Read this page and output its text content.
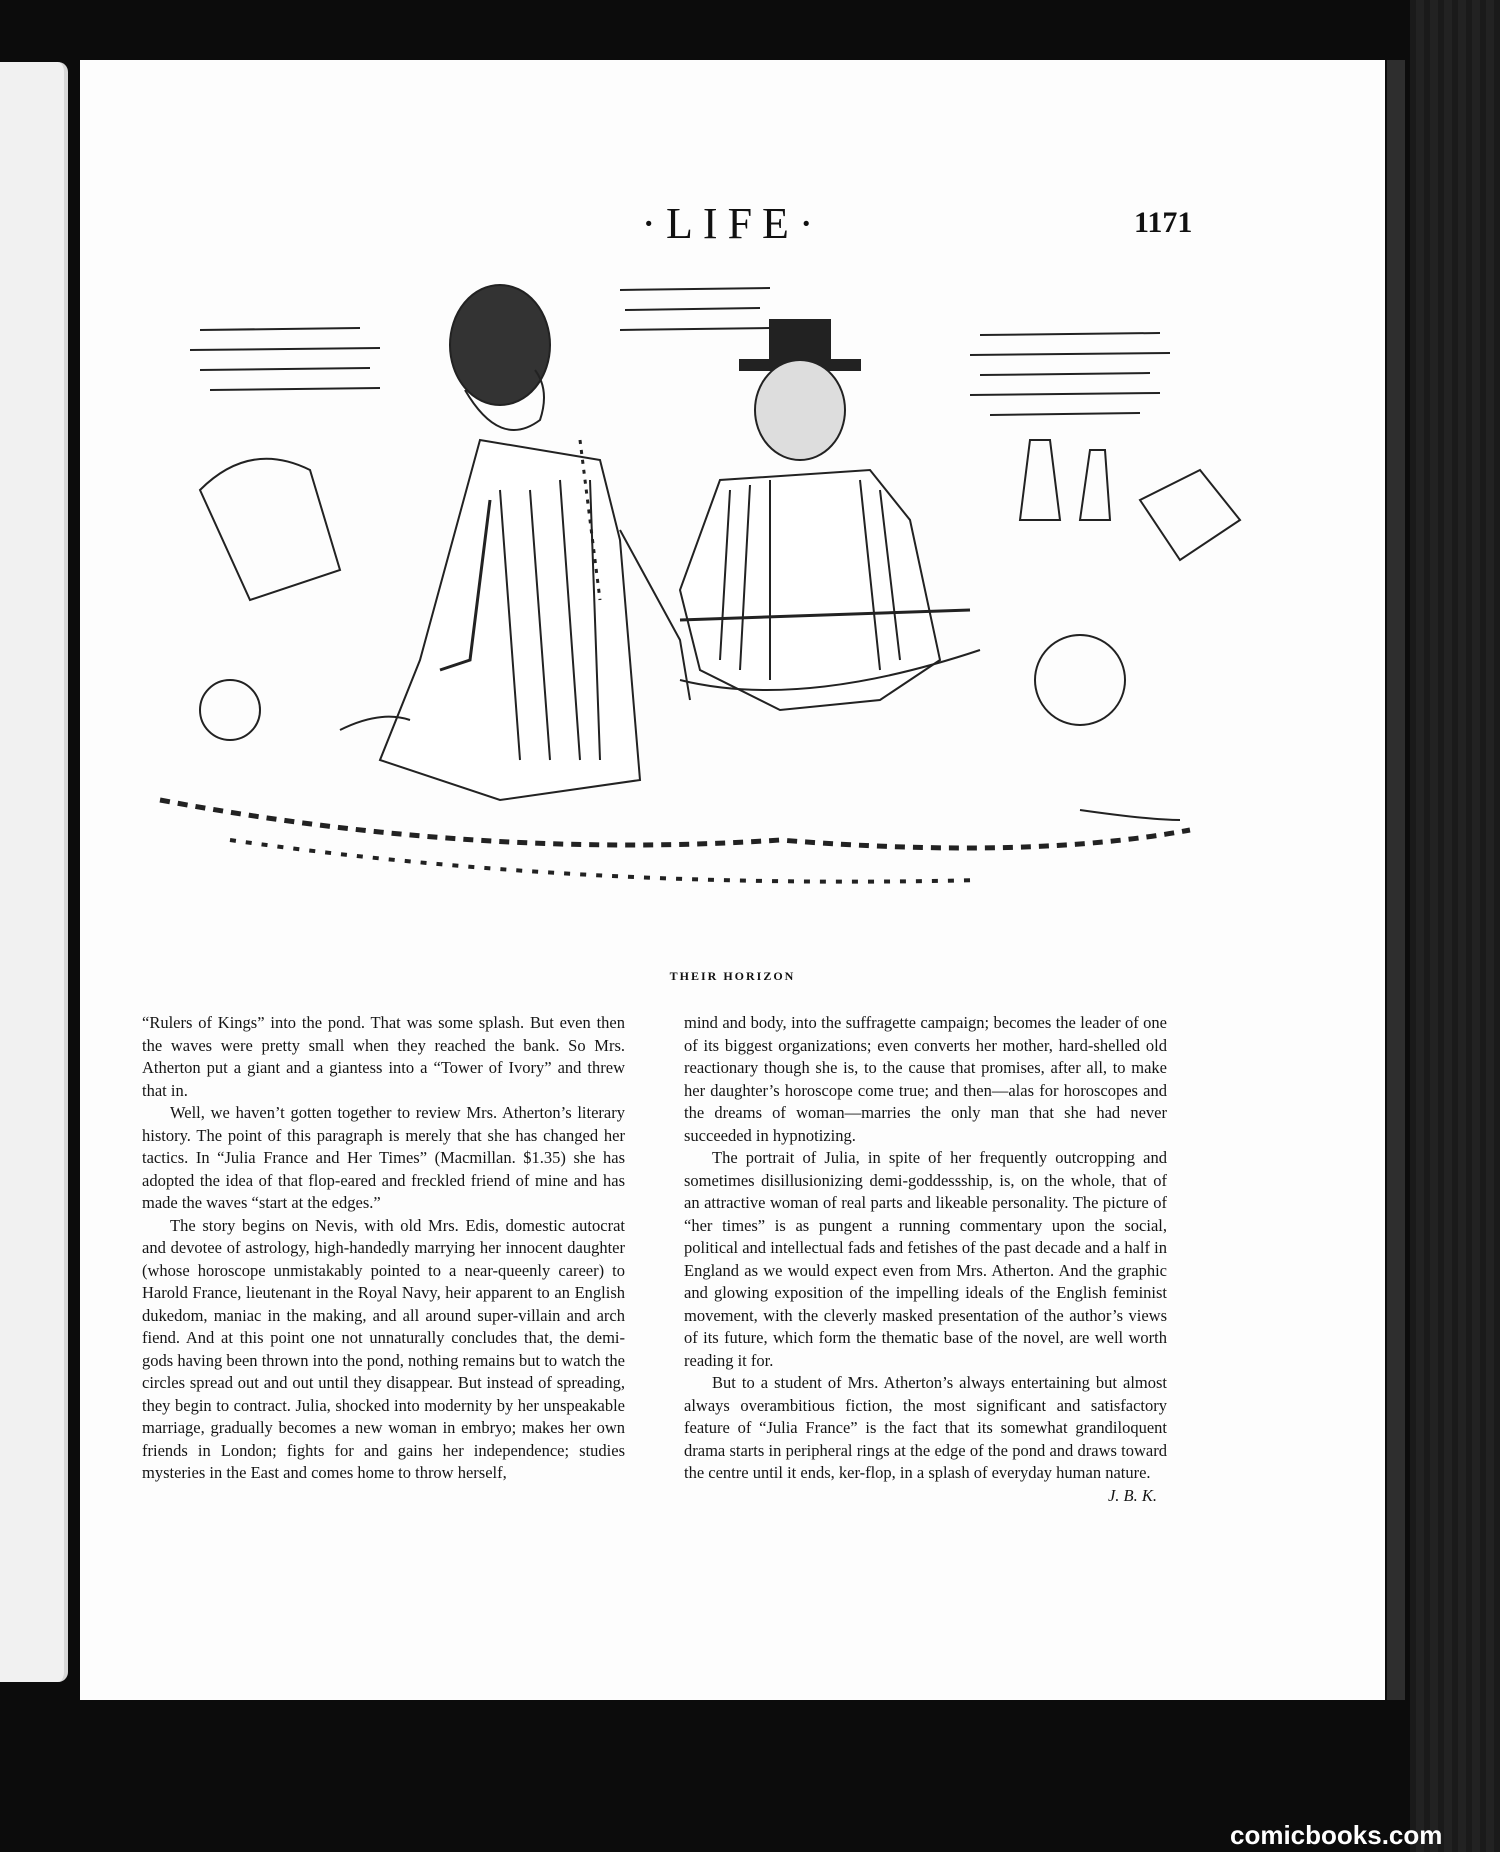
·LIFE·	1171
THEIR HORIZON

“Rulers of Kings” into the pond. That was some splash. But even then the waves were pretty small when they reached the bank. So Mrs. Atherton put a giant and a giantess into a “Tower of Ivory” and threw that in.

Well, we haven’t gotten together to review Mrs. Atherton’s literary history. The point of this paragraph is merely that she has changed her tactics. In “Julia France and Her Times” (Macmillan. $1.35) she has adopted the idea of that flop-eared and freckled friend of mine and has made the waves “start at the edges.”

The story begins on Nevis, with old Mrs. Edis, domestic autocrat and devotee of astrology, high-handedly marrying her innocent daughter (whose horoscope unmistakably pointed to a near-queenly career) to Harold France, lieutenant in the Royal Navy, heir apparent to an English dukedom, maniac in the making, and all around super-villain and arch fiend. And at this point one not unnaturally concludes that, the demi-gods having been thrown into the pond, nothing remains but to watch the circles spread out and out until they disappear. But instead of spreading, they begin to contract. Julia, shocked into modernity by her unspeakable marriage, gradually becomes a new woman in embryo; makes her own friends in London; fights for and gains her independence; studies mysteries in the East and comes home to throw herself,

mind and body, into the suffragette campaign; becomes the leader of one of its biggest organizations; even converts her mother, hard-shelled old reactionary though she is, to the cause that promises, after all, to make her daughter’s horoscope come true; and then—alas for horoscopes and the dreams of woman—marries the only man that she had never succeeded in hypnotizing.

The portrait of Julia, in spite of her frequently outcropping and sometimes disillusionizing demi-goddessship, is, on the whole, that of an attractive woman of real parts and likeable personality. The picture of “her times” is as pungent a running commentary upon the social, political and intellectual fads and fetishes of the past decade and a half in England as we would expect even from Mrs. Atherton. And the graphic and glowing exposition of the impelling ideals of the English feminist movement, with the cleverly masked presentation of the author’s views of its future, which form the thematic base of the novel, are well worth reading it for.

But to a student of Mrs. Atherton’s always entertaining but almost always overambitious fiction, the most significant and satisfactory feature of “Julia France” is the fact that its somewhat grandiloquent drama starts in peripheral rings at the edge of the pond and draws toward the centre until it ends, ker-flop, in a splash of everyday human nature.

J. B. K.

comicbooks.com
